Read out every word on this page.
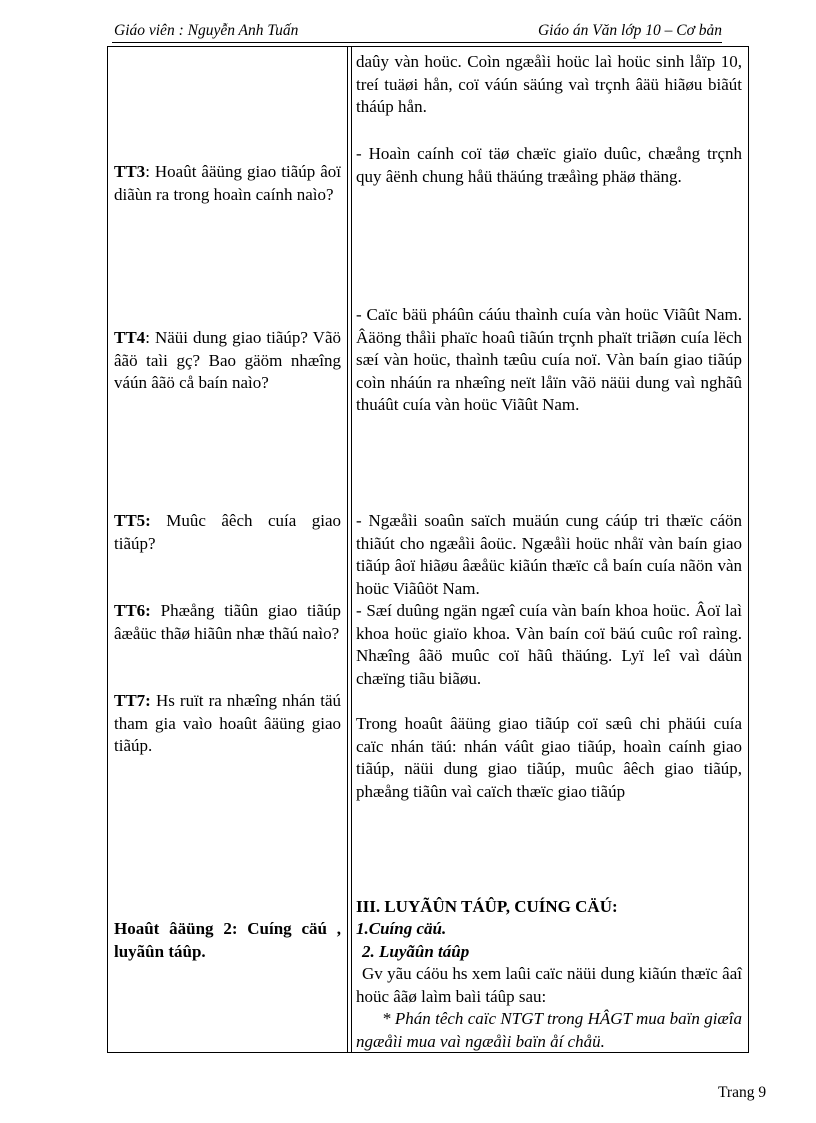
Giáo viên : Nguyễn Anh Tuấn	Giáo án Văn lớp 10 – Cơ bản
TT3: Hoaût âäüng giao tiãúp âoï diãùn ra trong hoaìn caính naìo?
TT4: Näüi dung giao tiãúp? Vãö âãö taìi gç? Bao gäöm nhæîng váún âãö cå baín naìo?
TT5: Muûc âêch cuía giao tiãúp?
TT6: Phæång tiãûn giao tiãúp âæåüc thãø hiãûn nhæ thãú naìo?
TT7: Hs ruït ra nhæîng nhán täú tham gia vaìo hoaût âäüng giao tiãúp.
Hoaût âäüng 2: Cuíng cäú , luyãûn táûp.
daûy vàn hoüc. Coìn ngæåìi hoüc laì hoüc sinh låïp 10, treí tuäøi hån, coï váún säúng vaì trçnh âäü hiãøu biãút tháúp hån.
- Hoaìn caính coï täø chæïc giaïo duûc, chæång trçnh quy âënh chung håü thäúng træåìng phäø thäng.
- Caïc bäü pháûn cáúu thaình cuía vàn hoüc Viãût Nam. Âäöng thåìi phaïc hoaû tiãún trçnh phaït triãøn cuía lëch sæí vàn hoüc, thaình tæûu cuía noï. Vàn baín giao tiãúp coìn nháún ra nhæîng neït låïn vãö näüi dung vaì nghãû thuáût cuía vàn hoüc Viãût Nam.
- Ngæåìi soaûn saïch muäún cung cáúp tri thæïc cáön thiãút cho ngæåìi âoüc. Ngæåìi hoüc nhåï vàn baín giao tiãúp âoï hiãøu âæåüc kiãún thæïc cå baín cuía nãön vàn hoüc Viãûöt Nam.
- Sæí duûng ngän ngæî cuía vàn baín khoa hoüc. Âoï laì khoa hoüc giaïo khoa. Vàn baín coï bäú cuûc roî raìng. Nhæîng âãö muûc coï hãû thäúng. Lyï leî vaì dáùn chæïng tiãu biãøu.
Trong hoaût âäüng giao tiãúp coï sæû chi phäúi cuía caïc nhán täú: nhán váût giao tiãúp, hoaìn caính giao tiãúp, näüi dung giao tiãúp, muûc âêch giao tiãúp, phæång tiãûn vaì caïch thæïc giao tiãúp
III. LUYÃÛN TÁÛP, CUÍNG CÄÚ:
1.Cuíng cäú.
2. Luyãûn táûp
Gv yãu cáöu hs xem laûi caïc näüi dung kiãún thæïc âaî hoüc âãø laìm baìi táûp sau:
* Phán têch caïc NTGT trong HÂGT mua baïn giæîa ngæåìi mua vaì ngæåìi baïn åí chåü.
Trang 9
